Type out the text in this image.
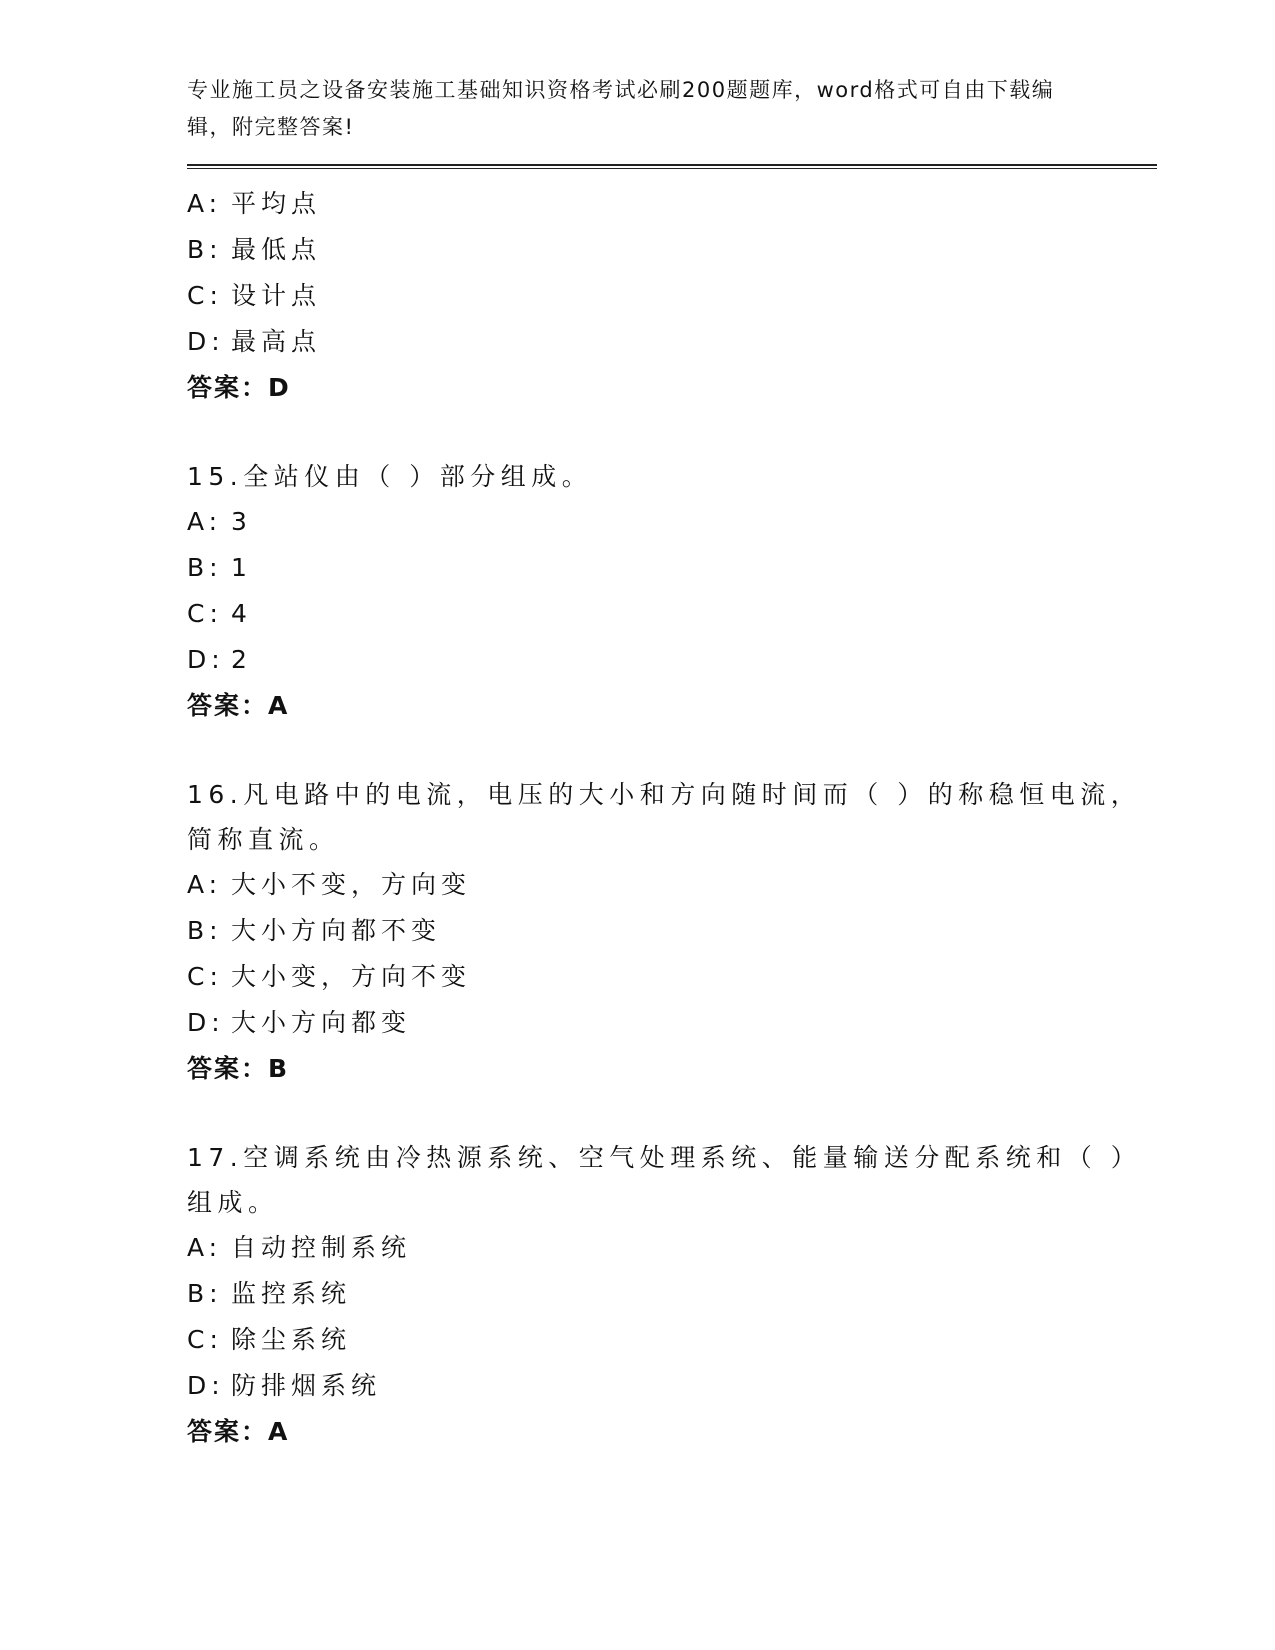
专业施工员之设备安装施工基础知识资格考试必刷200题题库，word格式可自由下载编辑，附完整答案!

A: 平均点

B: 最低点

C: 设计点

D: 最高点

答案：D

15.全站仪由（ ）部分组成。

A: 3

B: 1

C: 4

D: 2

答案：A

16.凡电路中的电流，电压的大小和方向随时间而（ ）的称稳恒电流，简称直流。

A: 大小不变，方向变

B: 大小方向都不变

C: 大小变，方向不变

D: 大小方向都变

答案：B

17.空调系统由冷热源系统、空气处理系统、能量输送分配系统和（ ）组成。

A: 自动控制系统

B: 监控系统

C: 除尘系统

D: 防排烟系统

答案：A
